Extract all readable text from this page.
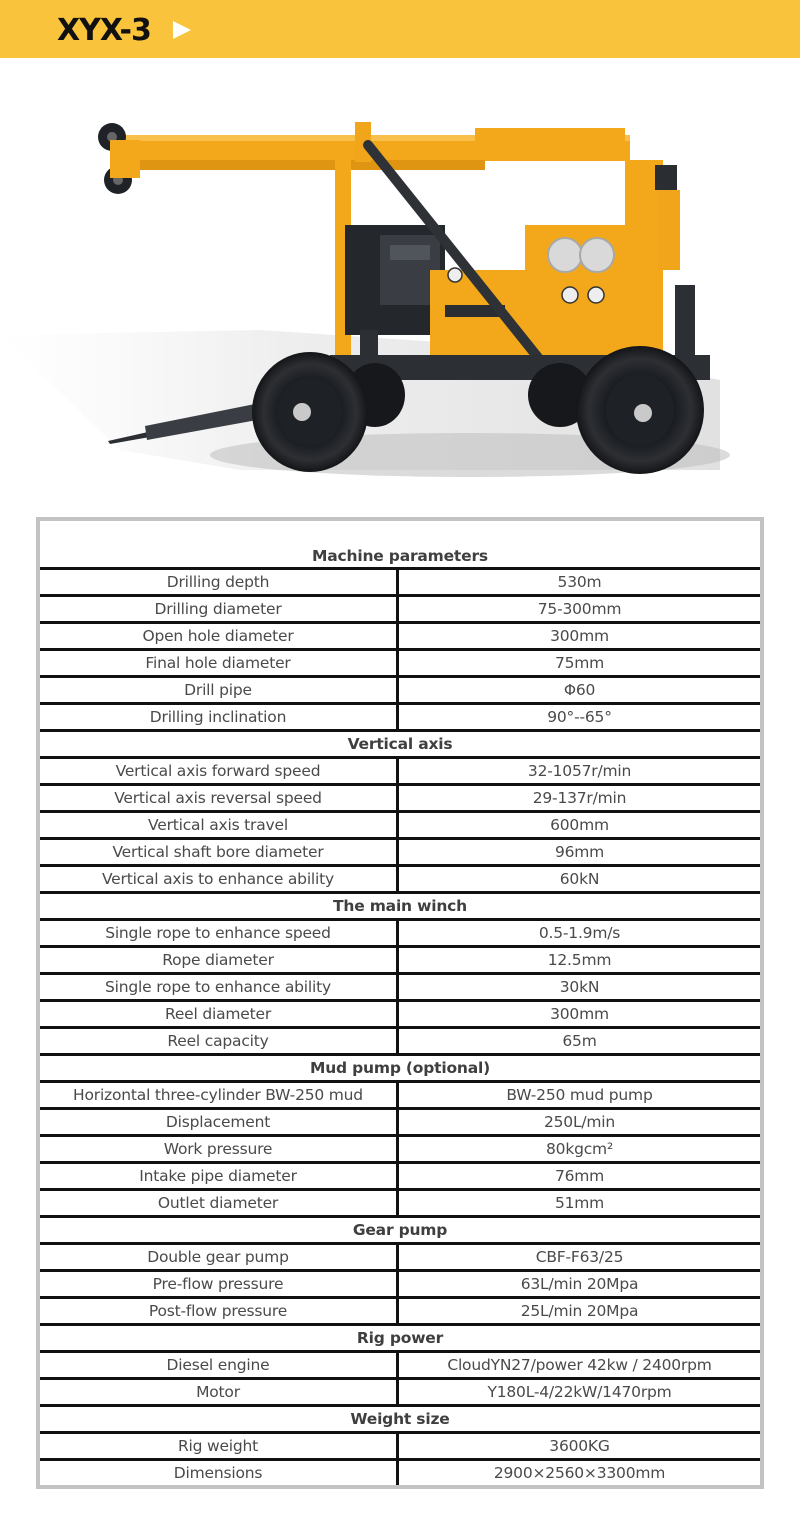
XYX-3
Machine parameters
Drilling depth	530m
Drilling diameter	75-300mm
Open hole diameter	300mm
Final hole diameter	75mm
Drill pipe	Φ60
Drilling inclination	90°--65°
Vertical axis
Vertical axis forward speed	32-1057r/min
Vertical axis reversal speed	29-137r/min
Vertical axis travel	600mm
Vertical shaft bore diameter	96mm
Vertical axis to enhance ability	60kN
The main winch
Single rope to enhance speed	0.5-1.9m/s
Rope diameter	12.5mm
Single rope to enhance ability	30kN
Reel diameter	300mm
Reel capacity	65m
Mud pump (optional)
Horizontal three-cylinder BW-250 mud	BW-250 mud pump
Displacement	250L/min
Work pressure	80kgcm²
Intake pipe diameter	76mm
Outlet diameter	51mm
Gear pump
Double gear pump	CBF-F63/25
Pre-flow pressure	63L/min 20Mpa
Post-flow pressure	25L/min 20Mpa
Rig power
Diesel engine	CloudYN27/power 42kw / 2400rpm
Motor	Y180L-4/22kW/1470rpm
Weight size
Rig weight	3600KG
Dimensions	2900×2560×3300mm
